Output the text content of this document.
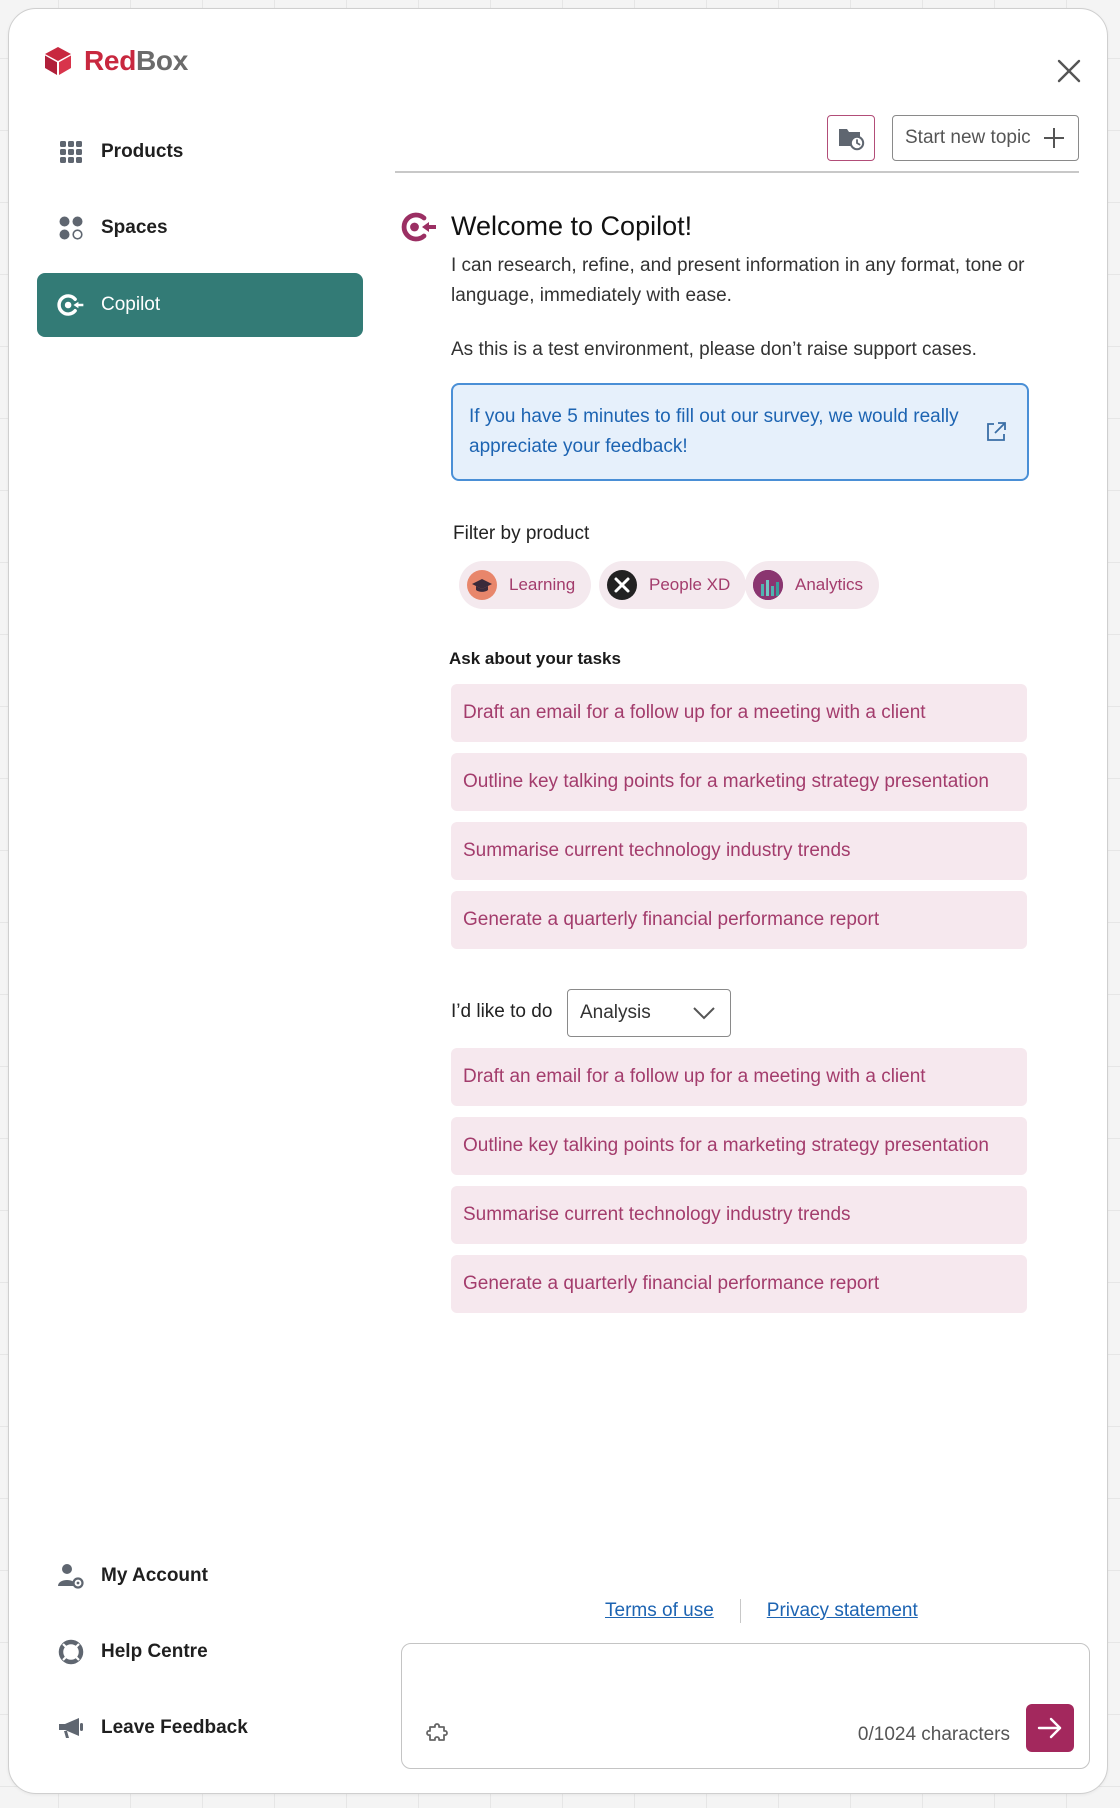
RedBox
Products
Spaces
Copilot
My Account
Help Centre
Leave Feedback
Start new topic
Welcome to Copilot!
I can research, refine, and present information in any format, tone or language, immediately with ease.
As this is a test environment, please don’t raise support cases.
If you have 5 minutes to fill out our survey, we would really appreciate your feedback!
Filter by product
Learning	People XD	Analytics
Ask about your tasks
Draft an email for a follow up for a meeting with a client
Outline key talking points for a marketing strategy presentation
Summarise current technology industry trends
Generate a quarterly financial performance report
I’d like to do Analysis
Draft an email for a follow up for a meeting with a client
Outline key talking points for a marketing strategy presentation
Summarise current technology industry trends
Generate a quarterly financial performance report
Terms of use	Privacy statement
0/1024 characters
